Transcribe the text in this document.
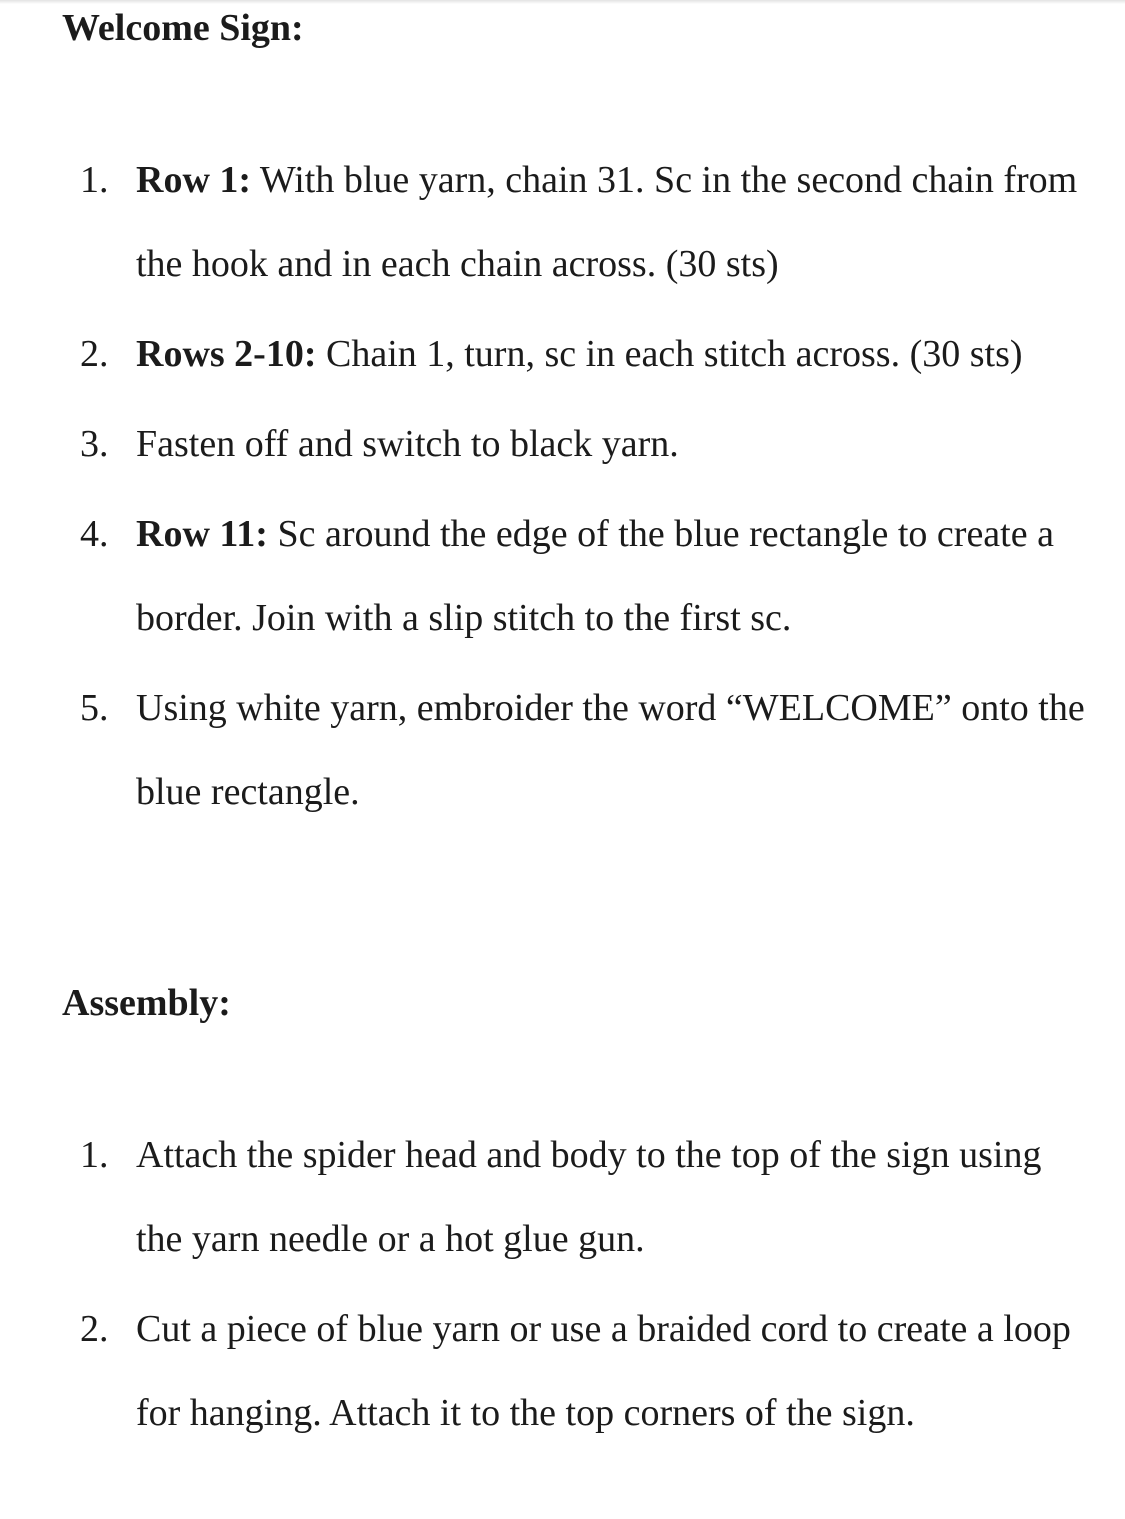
Welcome Sign:
1. Row 1: With blue yarn, chain 31. Sc in the second chain from the hook and in each chain across. (30 sts)
2. Rows 2-10: Chain 1, turn, sc in each stitch across. (30 sts)
3. Fasten off and switch to black yarn.
4. Row 11: Sc around the edge of the blue rectangle to create a border. Join with a slip stitch to the first sc.
5. Using white yarn, embroider the word “WELCOME” onto the blue rectangle.
Assembly:
1. Attach the spider head and body to the top of the sign using the yarn needle or a hot glue gun.
2. Cut a piece of blue yarn or use a braided cord to create a loop for hanging. Attach it to the top corners of the sign.
